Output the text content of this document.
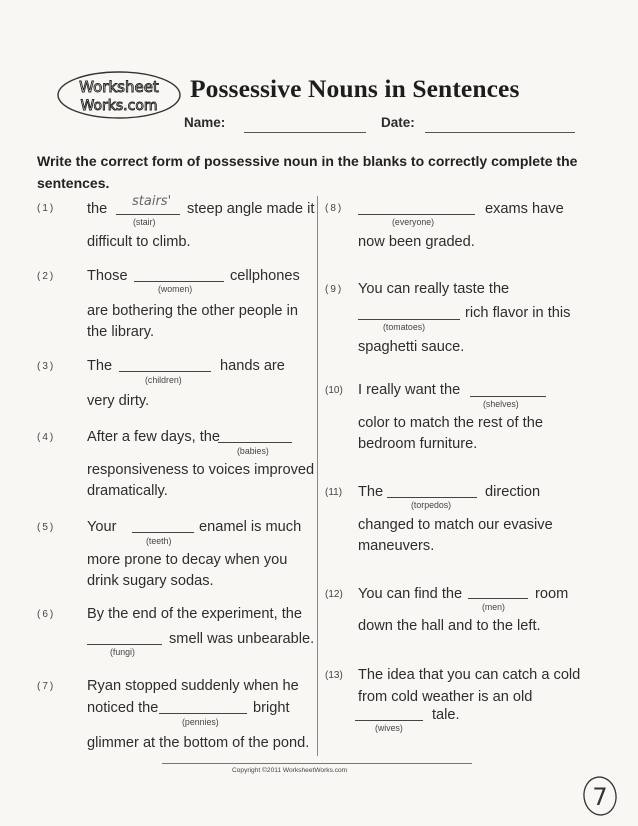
Worksheet
Works.com
Possessive Nouns in Sentences
Name:	Date:
Write the correct form of possessive noun in the blanks to correctly complete the sentences.
(1) the stairs'
(stair)
steep angle made it
difficult to climb.
(2) Those
(women)
cellphones
are bothering the other people in
the library.
(3) The
(children)
hands are
very dirty.
(4) After a few days, the
(babies)
responsiveness to voices improved
dramatically.
(5) Your
(teeth)
enamel is much
more prone to decay when you
drink sugary sodas.
(6) By the end of the experiment, the
(fungi)
smell was unbearable.
(7) Ryan stopped suddenly when he
noticed the
(pennies)
bright
glimmer at the bottom of the pond.
(8)
(everyone)
exams have
now been graded.
(9) You can really taste the
(tomatoes)
rich flavor in this
spaghetti sauce.
(10) I really want the
(shelves)
color to match the rest of the
bedroom furniture.
(11) The
(torpedos)
direction
changed to match our evasive
maneuvers.
(12) You can find the
(men)
room
down the hall and to the left.
(13) The idea that you can catch a cold
from cold weather is an old
(wives)
tale.
Copyright ©2011 WorksheetWorks.com
7
